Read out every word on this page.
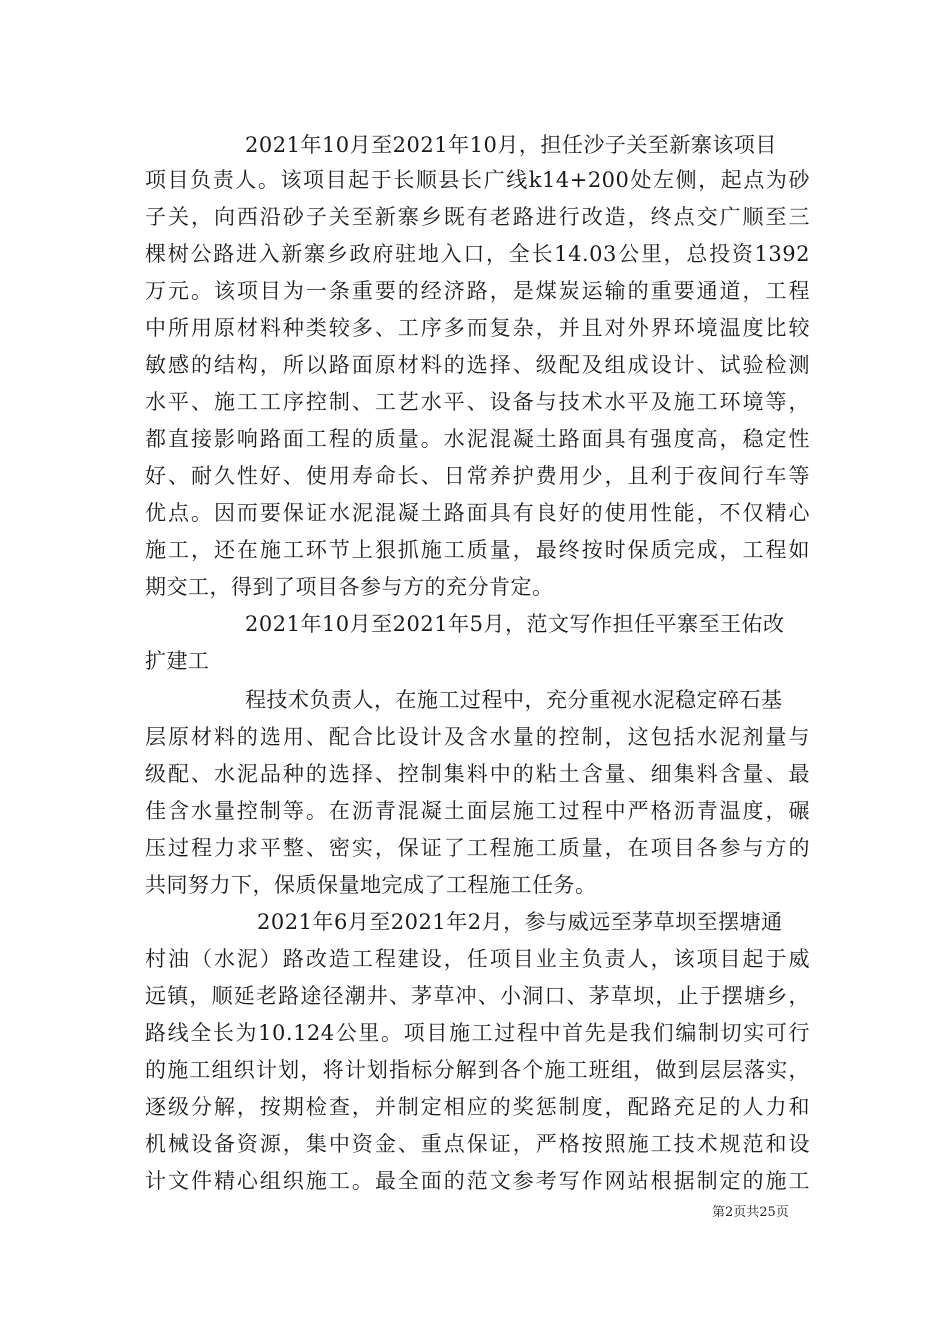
2021年10月至2021年10月，担任沙子关至新寨该项目
项目负责人。该项目起于长顺县长广线k14+200处左侧，起点为砂
子关，向西沿砂子关至新寨乡既有老路进行改造，终点交广顺至三
棵树公路进入新寨乡政府驻地入口，全长14.03公里，总投资1392
万元。该项目为一条重要的经济路，是煤炭运输的重要通道，工程
中所用原材料种类较多、工序多而复杂，并且对外界环境温度比较
敏感的结构，所以路面原材料的选择、级配及组成设计、试验检测
水平、施工工序控制、工艺水平、设备与技术水平及施工环境等，
都直接影响路面工程的质量。水泥混凝土路面具有强度高，稳定性
好、耐久性好、使用寿命长、日常养护费用少，且利于夜间行车等
优点。因而要保证水泥混凝土路面具有良好的使用性能，不仅精心
施工，还在施工环节上狠抓施工质量，最终按时保质完成，工程如
期交工，得到了项目各参与方的充分肯定。
2021年10月至2021年5月，范文写作担任平寨至王佑改
扩建工
程技术负责人，在施工过程中，充分重视水泥稳定碎石基
层原材料的选用、配合比设计及含水量的控制，这包括水泥剂量与
级配、水泥品种的选择、控制集料中的粘土含量、细集料含量、最
佳含水量控制等。在沥青混凝土面层施工过程中严格沥青温度，碾
压过程力求平整、密实，保证了工程施工质量，在项目各参与方的
共同努力下，保质保量地完成了工程施工任务。
2021年6月至2021年2月，参与威远至茅草坝至摆塘通
村油（水泥）路改造工程建设，任项目业主负责人，该项目起于威
远镇，顺延老路途径潮井、茅草冲、小洞口、茅草坝，止于摆塘乡，
路线全长为10.124公里。项目施工过程中首先是我们编制切实可行
的施工组织计划，将计划指标分解到各个施工班组，做到层层落实，
逐级分解，按期检查，并制定相应的奖惩制度，配路充足的人力和
机械设备资源，集中资金、重点保证，严格按照施工技术规范和设
计文件精心组织施工。最全面的范文参考写作网站根据制定的施工
第2页共25页
